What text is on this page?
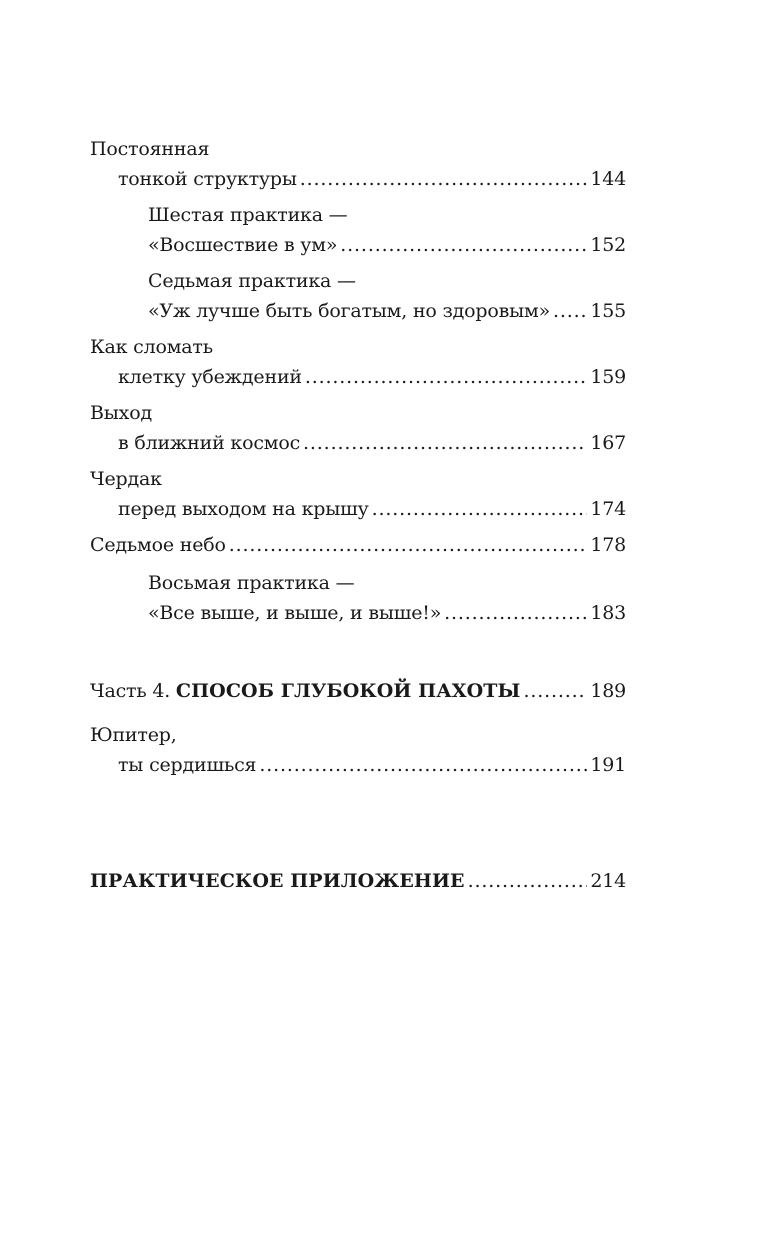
Постоянная
тонкой структуры . . .	144
Шестая практика —
«Восшествие в ум» . . .	152
Седьмая практика —
«Уж лучше быть богатым, но здоровым» . . . 155
Как сломать
клетку убеждений . . .	159
Выход
в ближний космос . . .	167
Чердак
перед выходом на крышу . . .	174
Седьмое небо . . .	178
Восьмая практика —
«Все выше, и выше, и выше!» . . .	183
Часть 4. СПОСОБ ГЛУБОКОЙ ПАХОТЫ . . .	189
Юпитер,
ты сердишься . . .	191
ПРАКТИЧЕСКОЕ ПРИЛОЖЕНИЕ . . .	214
